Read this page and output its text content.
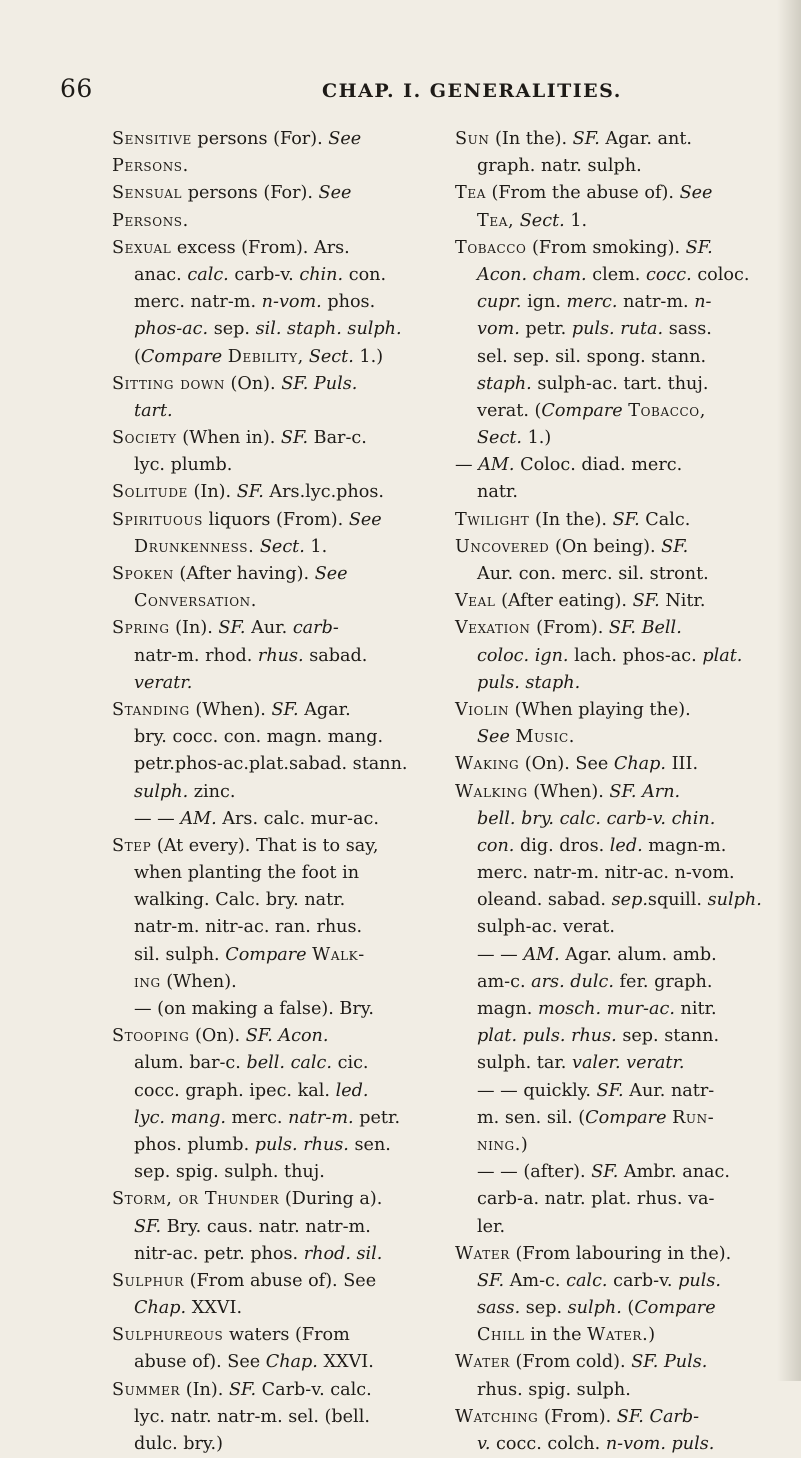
66	CHAP. I. GENERALITIES.
Sensitive persons (For). See
Persons.
Sensual persons (For). See
Persons.
Sexual excess (From). Ars.
anac. calc. carb-v. chin. con.
merc. natr-m. n-vom. phos.
phos-ac. sep. sil. staph. sulph.
(Compare Debility, Sect. 1.)
Sitting down (On). SF. Puls.
tart.
Society (When in). SF. Bar-c.
lyc. plumb.
Solitude (In). SF. Ars.lyc.phos.
Spirituous liquors (From). See
Drunkenness. Sect. 1.
Spoken (After having). See
Conversation.
Spring (In). SF. Aur. carb-
natr-m. rhod. rhus. sabad.
veratr.
Standing (When). SF. Agar.
bry. cocc. con. magn. mang.
petr.phos-ac.plat.sabad. stann.
sulph. zinc.
— — AM. Ars. calc. mur-ac.
Step (At every). That is to say,
when planting the foot in
walking. Calc. bry. natr.
natr-m. nitr-ac. ran. rhus.
sil. sulph. Compare Walk-
ing (When).
— (on making a false). Bry.
Stooping (On). SF. Acon.
alum. bar-c. bell. calc. cic.
cocc. graph. ipec. kal. led.
lyc. mang. merc. natr-m. petr.
phos. plumb. puls. rhus. sen.
sep. spig. sulph. thuj.
Storm, or Thunder (During a).
SF. Bry. caus. natr. natr-m.
nitr-ac. petr. phos. rhod. sil.
Sulphur (From abuse of). See
Chap. XXVI.
Sulphureous waters (From
abuse of). See Chap. XXVI.
Summer (In). SF. Carb-v. calc.
lyc. natr. natr-m. sel. (bell.
dulc. bry.)
Sun (In the). SF. Agar. ant.
graph. natr. sulph.
Tea (From the abuse of). See
Tea, Sect. 1.
Tobacco (From smoking). SF.
Acon. cham. clem. cocc. coloc.
cupr. ign. merc. natr-m. n-
vom. petr. puls. ruta. sass.
sel. sep. sil. spong. stann.
staph. sulph-ac. tart. thuj.
verat. (Compare Tobacco,
Sect. 1.)
— AM. Coloc. diad. merc.
natr.
Twilight (In the). SF. Calc.
Uncovered (On being). SF.
Aur. con. merc. sil. stront.
Veal (After eating). SF. Nitr.
Vexation (From). SF. Bell.
coloc. ign. lach. phos-ac. plat.
puls. staph.
Violin (When playing the).
See Music.
Waking (On). See Chap. III.
Walking (When). SF. Arn.
bell. bry. calc. carb-v. chin.
con. dig. dros. led. magn-m.
merc. natr-m. nitr-ac. n-vom.
oleand. sabad. sep.squill. sulph.
sulph-ac. verat.
— — AM. Agar. alum. amb.
am-c. ars. dulc. fer. graph.
magn. mosch. mur-ac. nitr.
plat. puls. rhus. sep. stann.
sulph. tar. valer. veratr.
— — quickly. SF. Aur. natr-
m. sen. sil. (Compare Run-
ning.)
— — (after). SF. Ambr. anac.
carb-a. natr. plat. rhus. va-
ler.
Water (From labouring in the).
SF. Am-c. calc. carb-v. puls.
sass. sep. sulph. (Compare
Chill in the Water.)
Water (From cold). SF. Puls.
rhus. spig. sulph.
Watching (From). SF. Carb-
v. cocc. colch. n-vom. puls.
